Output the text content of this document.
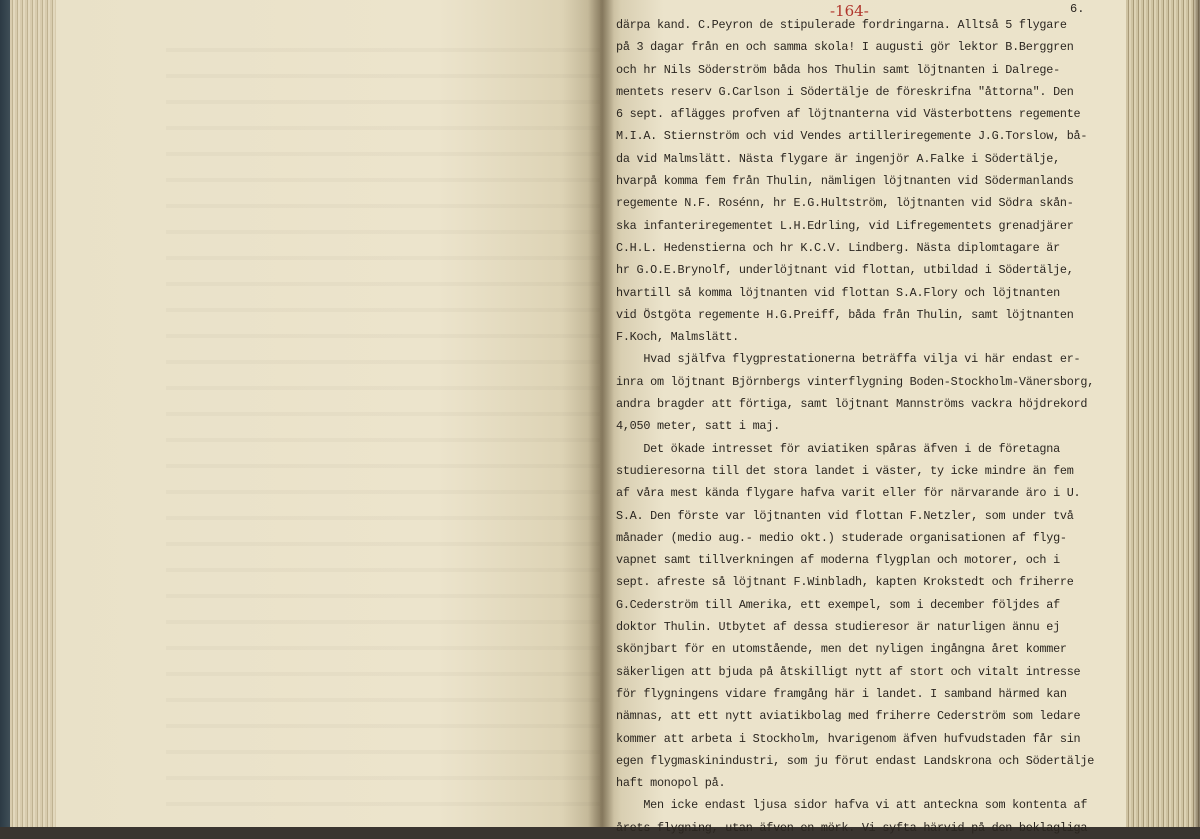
-164-	6.
därpa kand. C.Peyron de stipulerade fordringarna. Alltså 5 flygare
på 3 dagar från en och samma skola! I augusti gör lektor B.Berggren
och hr Nils Söderström båda hos Thulin samt löjtnanten i Dalrege-
mentets reserv G.Carlson i Södertälje de föreskrifna "åttorna". Den
6 sept. aflägges profven af löjtnanterna vid Västerbottens regemente
M.I.A. Stiernström och vid Vendes artilleriregemente J.G.Torslow, bå-
da vid Malmslätt. Nästa flygare är ingenjör A.Falke i Södertälje,
hvarpå komma fem från Thulin, nämligen löjtnanten vid Södermanlands
regemente N.F. Rosénn, hr E.G.Hultström, löjtnanten vid Södra skån-
ska infanteriregementet L.H.Edrling, vid Lifregementets grenadjärer
C.H.L. Hedenstierna och hr K.C.V. Lindberg. Nästa diplomtagare är
hr G.O.E.Brynolf, underlöjtnant vid flottan, utbildad i Södertälje,
hvartill så komma löjtnanten vid flottan S.A.Flory och löjtnanten
vid Östgöta regemente H.G.Preiff, båda från Thulin, samt löjtnanten
F.Koch, Malmslätt.
Hvad själfva flygprestationerna beträffa vilja vi här endast er-
inra om löjtnant Björnbergs vinterflygning Boden-Stockholm-Vänersborg,
andra bragder att förtiga, samt löjtnant Mannströms vackra höjdrekord
4,050 meter, satt i maj.
Det ökade intresset för aviatiken spåras äfven i de företagna
studieresorna till det stora landet i väster, ty icke mindre än fem
af våra mest kända flygare hafva varit eller för närvarande äro i U.
S.A. Den förste var löjtnanten vid flottan F.Netzler, som under två
månader (medio aug.- medio okt.) studerade organisationen af flyg-
vapnet samt tillverkningen af moderna flygplan och motorer, och i
sept. afreste så löjtnant F.Winbladh, kapten Krokstedt och friherre
G.Cederström till Amerika, ett exempel, som i december följdes af
doktor Thulin. Utbytet af dessa studieresor är naturligen ännu ej
skönjbart för en utomstående, men det nyligen ingångna året kommer
säkerligen att bjuda på åtskilligt nytt af stort och vitalt intresse
för flygningens vidare framgång här i landet. I samband härmed kan
nämnas, att ett nytt aviatikbolag med friherre Cederström som ledare
kommer att arbeta i Stockholm, hvarigenom äfven hufvudstaden får sin
egen flygmaskinindustri, som ju förut endast Landskrona och Södertälje
haft monopol på.
Men icke endast ljusa sidor hafva vi att anteckna som kontenta af
årets flygning, utan äfven en mörk. Vi syfta härvid på den beklagliga
